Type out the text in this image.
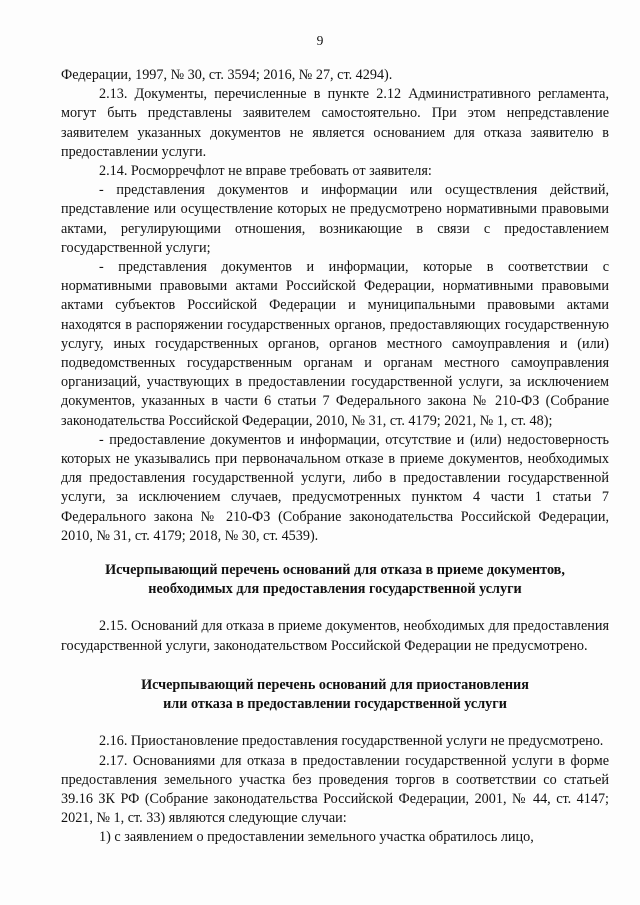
9

Федерации, 1997, № 30, ст. 3594; 2016, № 27, ст. 4294).

2.13. Документы, перечисленные в пункте 2.12 Административного регламента, могут быть представлены заявителем самостоятельно. При этом непредставление заявителем указанных документов не является основанием для отказа заявителю в предоставлении услуги.

2.14. Росморречфлот не вправе требовать от заявителя:

- представления документов и информации или осуществления действий, представление или осуществление которых не предусмотрено нормативными правовыми актами, регулирующими отношения, возникающие в связи с предоставлением государственной услуги;

- представления документов и информации, которые в соответствии с нормативными правовыми актами Российской Федерации, нормативными правовыми актами субъектов Российской Федерации и муниципальными правовыми актами находятся в распоряжении государственных органов, предоставляющих государственную услугу, иных государственных органов, органов местного самоуправления и (или) подведомственных государственным органам и органам местного самоуправления организаций, участвующих в предоставлении государственной услуги, за исключением документов, указанных в части 6 статьи 7 Федерального закона № 210-ФЗ (Собрание законодательства Российской Федерации, 2010, № 31, ст. 4179; 2021, № 1, ст. 48);

- предоставление документов и информации, отсутствие и (или) недостоверность которых не указывались при первоначальном отказе в приеме документов, необходимых для предоставления государственной услуги, либо в предоставлении государственной услуги, за исключением случаев, предусмотренных пунктом 4 части 1 статьи 7 Федерального закона № 210-ФЗ (Собрание законодательства Российской Федерации, 2010, № 31, ст. 4179; 2018, № 30, ст. 4539).

Исчерпывающий перечень оснований для отказа в приеме документов,

необходимых для предоставления государственной услуги

2.15. Оснований для отказа в приеме документов, необходимых для предоставления государственной услуги, законодательством Российской Федерации не предусмотрено.

Исчерпывающий перечень оснований для приостановления

или отказа в предоставлении государственной услуги

2.16. Приостановление предоставления государственной услуги не предусмотрено.

2.17. Основаниями для отказа в предоставлении государственной услуги в форме предоставления земельного участка без проведения торгов в соответствии со статьей 39.16 ЗК РФ (Собрание законодательства Российской Федерации, 2001, № 44, ст. 4147; 2021, № 1, ст. 33) являются следующие случаи:

1) с заявлением о предоставлении земельного участка обратилось лицо,
